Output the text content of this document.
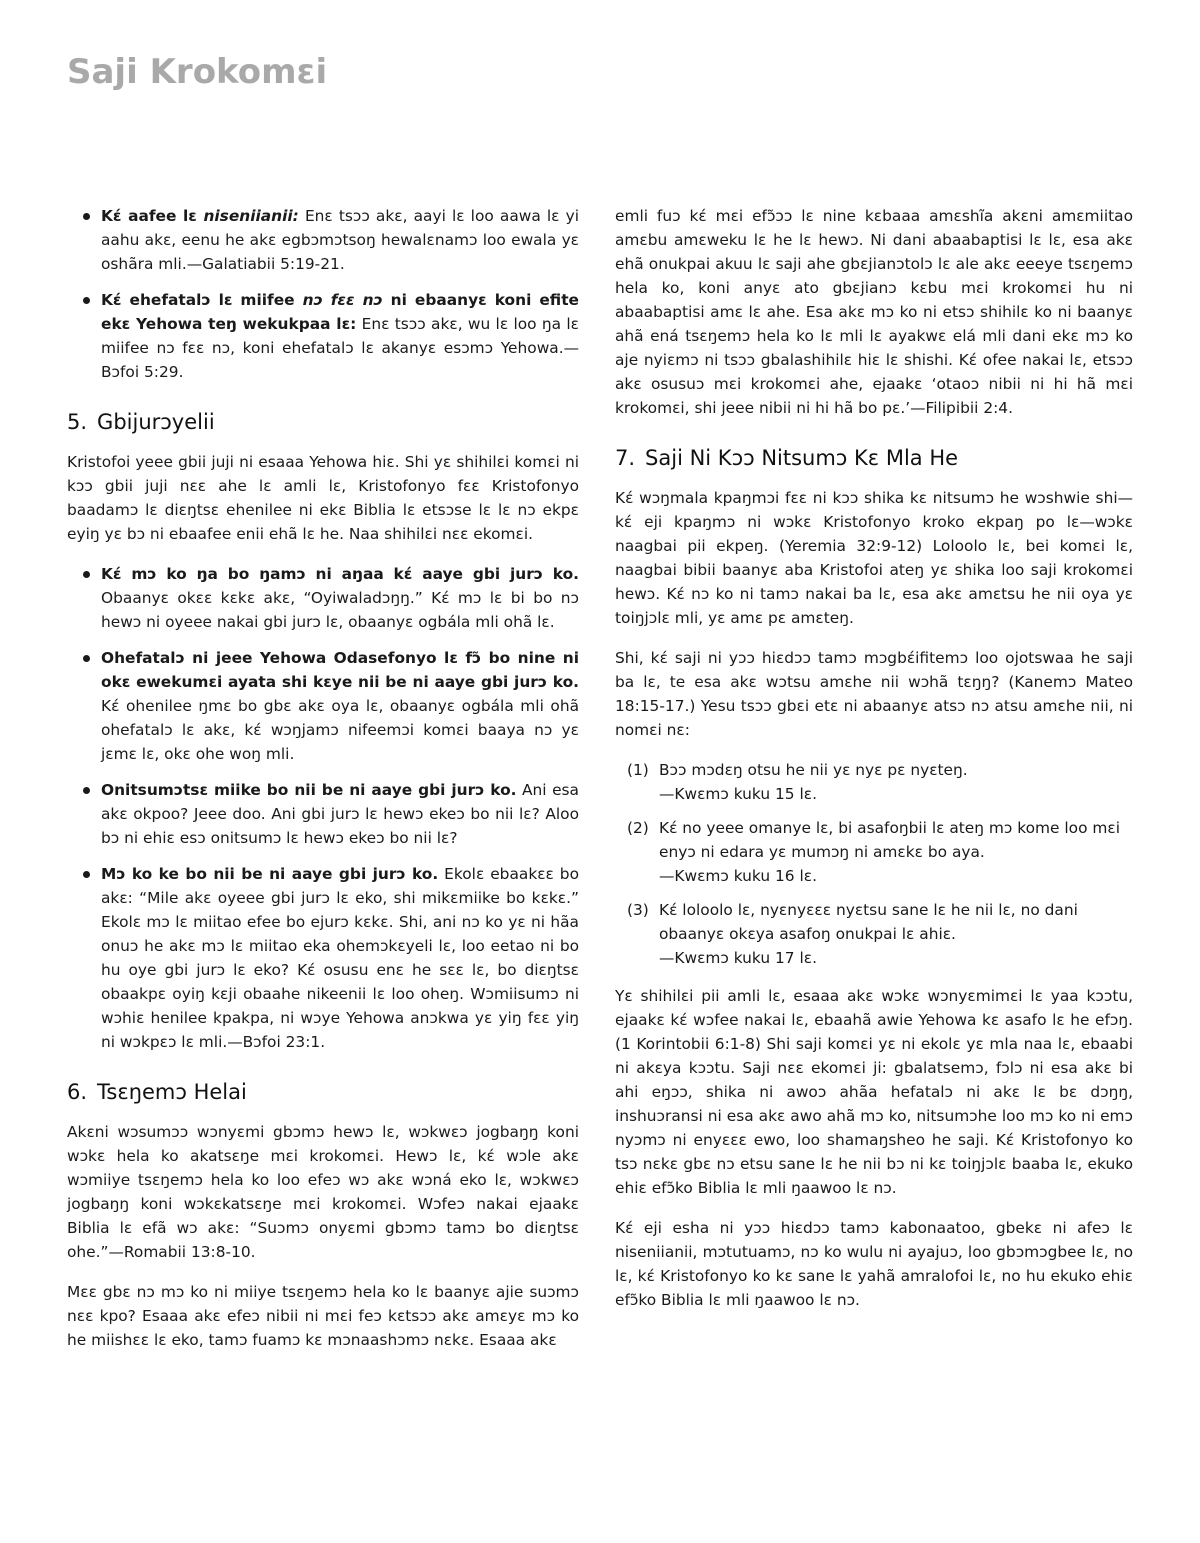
Saji Krokomɛi
Kɛ́ aafee lɛ niseniianii: Enɛ tsɔɔ akɛ, aayi lɛ loo aawa lɛ yi aahu akɛ, eenu he akɛ egbɔmɔtsoŋ hewalɛnamɔ loo ewala yɛ oshãra mli.—Galatiabii 5:19-21.
Kɛ́ ehefatalɔ lɛ miifee nɔ fɛɛ nɔ ni ebaanyɛ koni efite ekɛ Yehowa teŋ wekukpaa lɛ: Enɛ tsɔɔ akɛ, wu lɛ loo ŋa lɛ miifee nɔ fɛɛ nɔ, koni ehefatalɔ lɛ akanyɛ esɔmɔ Yehowa.—Bɔfoi 5:29.
5. Gbijurɔyelii

Kristofoi yeee gbii juji ni esaaa Yehowa hiɛ. Shi yɛ shihilɛi komɛi ni kɔɔ gbii juji nɛɛ ahe lɛ amli lɛ, Kristofonyo fɛɛ Kristofonyo baadamɔ lɛ diɛŋtsɛ ehenilee ni ekɛ Biblia lɛ etsɔse lɛ lɛ nɔ ekpɛ eyiŋ yɛ bɔ ni ebaafee enii ehã lɛ he. Naa shihilɛi nɛɛ ekomɛi.

Kɛ́ mɔ ko ŋa bo ŋamɔ ni aŋaa kɛ́ aaye gbi jurɔ ko. Obaanyɛ okɛɛ kɛkɛ akɛ, “Oyiwaladɔŋŋ.” Kɛ́ mɔ lɛ bi bo nɔ hewɔ ni oyeee nakai gbi jurɔ lɛ, obaanyɛ ogbála mli ohã lɛ.
Ohefatalɔ ni jeee Yehowa Odasefonyo lɛ fɔ̃ bo nine ni okɛ ewekumɛi ayata shi kɛye nii be ni aaye gbi jurɔ ko. Kɛ́ ohenilee ŋmɛ bo gbɛ akɛ oya lɛ, obaanyɛ ogbála mli ohã ohefatalɔ lɛ akɛ, kɛ́ wɔŋjamɔ nifeemɔi komɛi baaya nɔ yɛ jɛmɛ lɛ, okɛ ohe woŋ mli.
Onitsumɔtsɛ miike bo nii be ni aaye gbi jurɔ ko. Ani esa akɛ okpoo? Jeee doo. Ani gbi jurɔ lɛ hewɔ ekeɔ bo nii lɛ? Aloo bɔ ni ehiɛ esɔ onitsumɔ lɛ hewɔ ekeɔ bo nii lɛ?
Mɔ ko ke bo nii be ni aaye gbi jurɔ ko. Ekolɛ ebaakɛɛ bo akɛ: “Mile akɛ oyeee gbi jurɔ lɛ eko, shi mikɛmiike bo kɛkɛ.” Ekolɛ mɔ lɛ miitao efee bo ejurɔ kɛkɛ. Shi, ani nɔ ko yɛ ni hãa onuɔ he akɛ mɔ lɛ miitao eka ohemɔkɛyeli lɛ, loo eetao ni bo hu oye gbi jurɔ lɛ eko? Kɛ́ osusu enɛ he sɛɛ lɛ, bo diɛŋtsɛ obaakpɛ oyiŋ kɛji obaahe nikeenii lɛ loo oheŋ. Wɔmiisumɔ ni wɔhiɛ henilee kpakpa, ni wɔye Yehowa anɔkwa yɛ yiŋ fɛɛ yiŋ ni wɔkpɛɔ lɛ mli.—Bɔfoi 23:1.
6. Tsɛŋemɔ Helai

Akɛni wɔsumɔɔ wɔnyɛmi gbɔmɔ hewɔ lɛ, wɔkwɛɔ jogbaŋŋ koni wɔkɛ hela ko akatsɛŋe mɛi krokomɛi. Hewɔ lɛ, kɛ́ wɔle akɛ wɔmiiye tsɛŋemɔ hela ko loo efeɔ wɔ akɛ wɔná eko lɛ, wɔkwɛɔ jogbaŋŋ koni wɔkɛkatsɛŋe mɛi krokomɛi. Wɔfeɔ nakai ejaakɛ Biblia lɛ efã wɔ akɛ: “Suɔmɔ onyɛmi gbɔmɔ tamɔ bo diɛŋtsɛ ohe.”—Romabii 13:8-10.

Mɛɛ gbɛ nɔ mɔ ko ni miiye tsɛŋemɔ hela ko lɛ baanyɛ ajie suɔmɔ nɛɛ kpo? Esaaa akɛ efeɔ nibii ni mɛi feɔ kɛtsɔɔ akɛ amɛyɛ mɔ ko he miishɛɛ lɛ eko, tamɔ fuamɔ kɛ mɔnaashɔmɔ nɛkɛ. Esaaa akɛ

emli fuɔ kɛ́ mɛi efɔ̃ɔɔ lɛ nine kɛbaaa amɛshĩa akɛni amɛmiitao amɛbu amɛweku lɛ he lɛ hewɔ. Ni dani abaabaptisi lɛ lɛ, esa akɛ ehã onukpai akuu lɛ saji ahe gbɛjianɔtolɔ lɛ ale akɛ eeeye tsɛŋemɔ hela ko, koni anyɛ ato gbɛjianɔ kɛbu mɛi krokomɛi hu ni abaabaptisi amɛ lɛ ahe. Esa akɛ mɔ ko ni etsɔ shihilɛ ko ni baanyɛ ahã ená tsɛŋemɔ hela ko lɛ mli lɛ ayakwɛ elá mli dani ekɛ mɔ ko aje nyiɛmɔ ni tsɔɔ gbalashihilɛ hiɛ lɛ shishi. Kɛ́ ofee nakai lɛ, etsɔɔ akɛ osusuɔ mɛi krokomɛi ahe, ejaakɛ ‘otaoɔ nibii ni hi hã mɛi krokomɛi, shi jeee nibii ni hi hã bo pɛ.’—Filipibii 2:4.

7. Saji Ni Kɔɔ Nitsumɔ Kɛ Mla He

Kɛ́ wɔŋmala kpaŋmɔi fɛɛ ni kɔɔ shika kɛ nitsumɔ he wɔshwie shi—kɛ́ eji kpaŋmɔ ni wɔkɛ Kristofonyo kroko ekpaŋ po lɛ—wɔkɛ naagbai pii ekpeŋ. (Yeremia 32:9-12) Loloolo lɛ, bei komɛi lɛ, naagbai bibii baanyɛ aba Kristofoi ateŋ yɛ shika loo saji krokomɛi hewɔ. Kɛ́ nɔ ko ni tamɔ nakai ba lɛ, esa akɛ amɛtsu he nii oya yɛ toiŋjɔlɛ mli, yɛ amɛ pɛ amɛteŋ.

Shi, kɛ́ saji ni yɔɔ hiɛdɔɔ tamɔ mɔgbɛ́ifitemɔ loo ojotswaa he saji ba lɛ, te esa akɛ wɔtsu amɛhe nii wɔhã tɛŋŋ? (Kanemɔ Mateo 18:15-17.) Yesu tsɔɔ gbɛi etɛ ni abaanyɛ atsɔ nɔ atsu amɛhe nii, ni nomɛi nɛ:

(1) Bɔɔ mɔdɛŋ otsu he nii yɛ nyɛ pɛ nyɛteŋ.
—Kwɛmɔ kuku 15 lɛ.
(2) Kɛ́ no yeee omanye lɛ, bi asafoŋbii lɛ ateŋ mɔ kome loo mɛi enyɔ ni edara yɛ mumɔŋ ni amɛkɛ bo aya.
—Kwɛmɔ kuku 16 lɛ.
(3) Kɛ́ loloolo lɛ, nyɛnyɛɛɛ nyɛtsu sane lɛ he nii lɛ, no dani obaanyɛ okɛya asafoŋ onukpai lɛ ahiɛ.
—Kwɛmɔ kuku 17 lɛ.

Yɛ shihilɛi pii amli lɛ, esaaa akɛ wɔkɛ wɔnyɛmimɛi lɛ yaa kɔɔtu, ejaakɛ kɛ́ wɔfee nakai lɛ, ebaahã awie Yehowa kɛ asafo lɛ he efɔŋ. (1 Korintobii 6:1-8) Shi saji komɛi yɛ ni ekolɛ yɛ mla naa lɛ, ebaabi ni akɛya kɔɔtu. Saji nɛɛ ekomɛi ji: gbalatsemɔ, fɔlɔ ni esa akɛ bi ahi eŋɔɔ, shika ni awoɔ ahãa hefatalɔ ni akɛ lɛ bɛ dɔŋŋ, inshuɔransi ni esa akɛ awo ahã mɔ ko, nitsumɔhe loo mɔ ko ni emɔ nyɔmɔ ni enyɛɛɛ ewo, loo shamaŋsheo he saji. Kɛ́ Kristofonyo ko tsɔ nɛkɛ gbɛ nɔ etsu sane lɛ he nii bɔ ni kɛ toiŋjɔlɛ baaba lɛ, ekuko ehiɛ efɔ̃ko Biblia lɛ mli ŋaawoo lɛ nɔ.

Kɛ́ eji esha ni yɔɔ hiɛdɔɔ tamɔ kabonaatoo, gbekɛ ni afeɔ lɛ niseniianii, mɔtutuamɔ, nɔ ko wulu ni ayajuɔ, loo gbɔmɔgbee lɛ, no lɛ, kɛ́ Kristofonyo ko kɛ sane lɛ yahã amralofoi lɛ, no hu ekuko ehiɛ efɔ̃ko Biblia lɛ mli ŋaawoo lɛ nɔ.
